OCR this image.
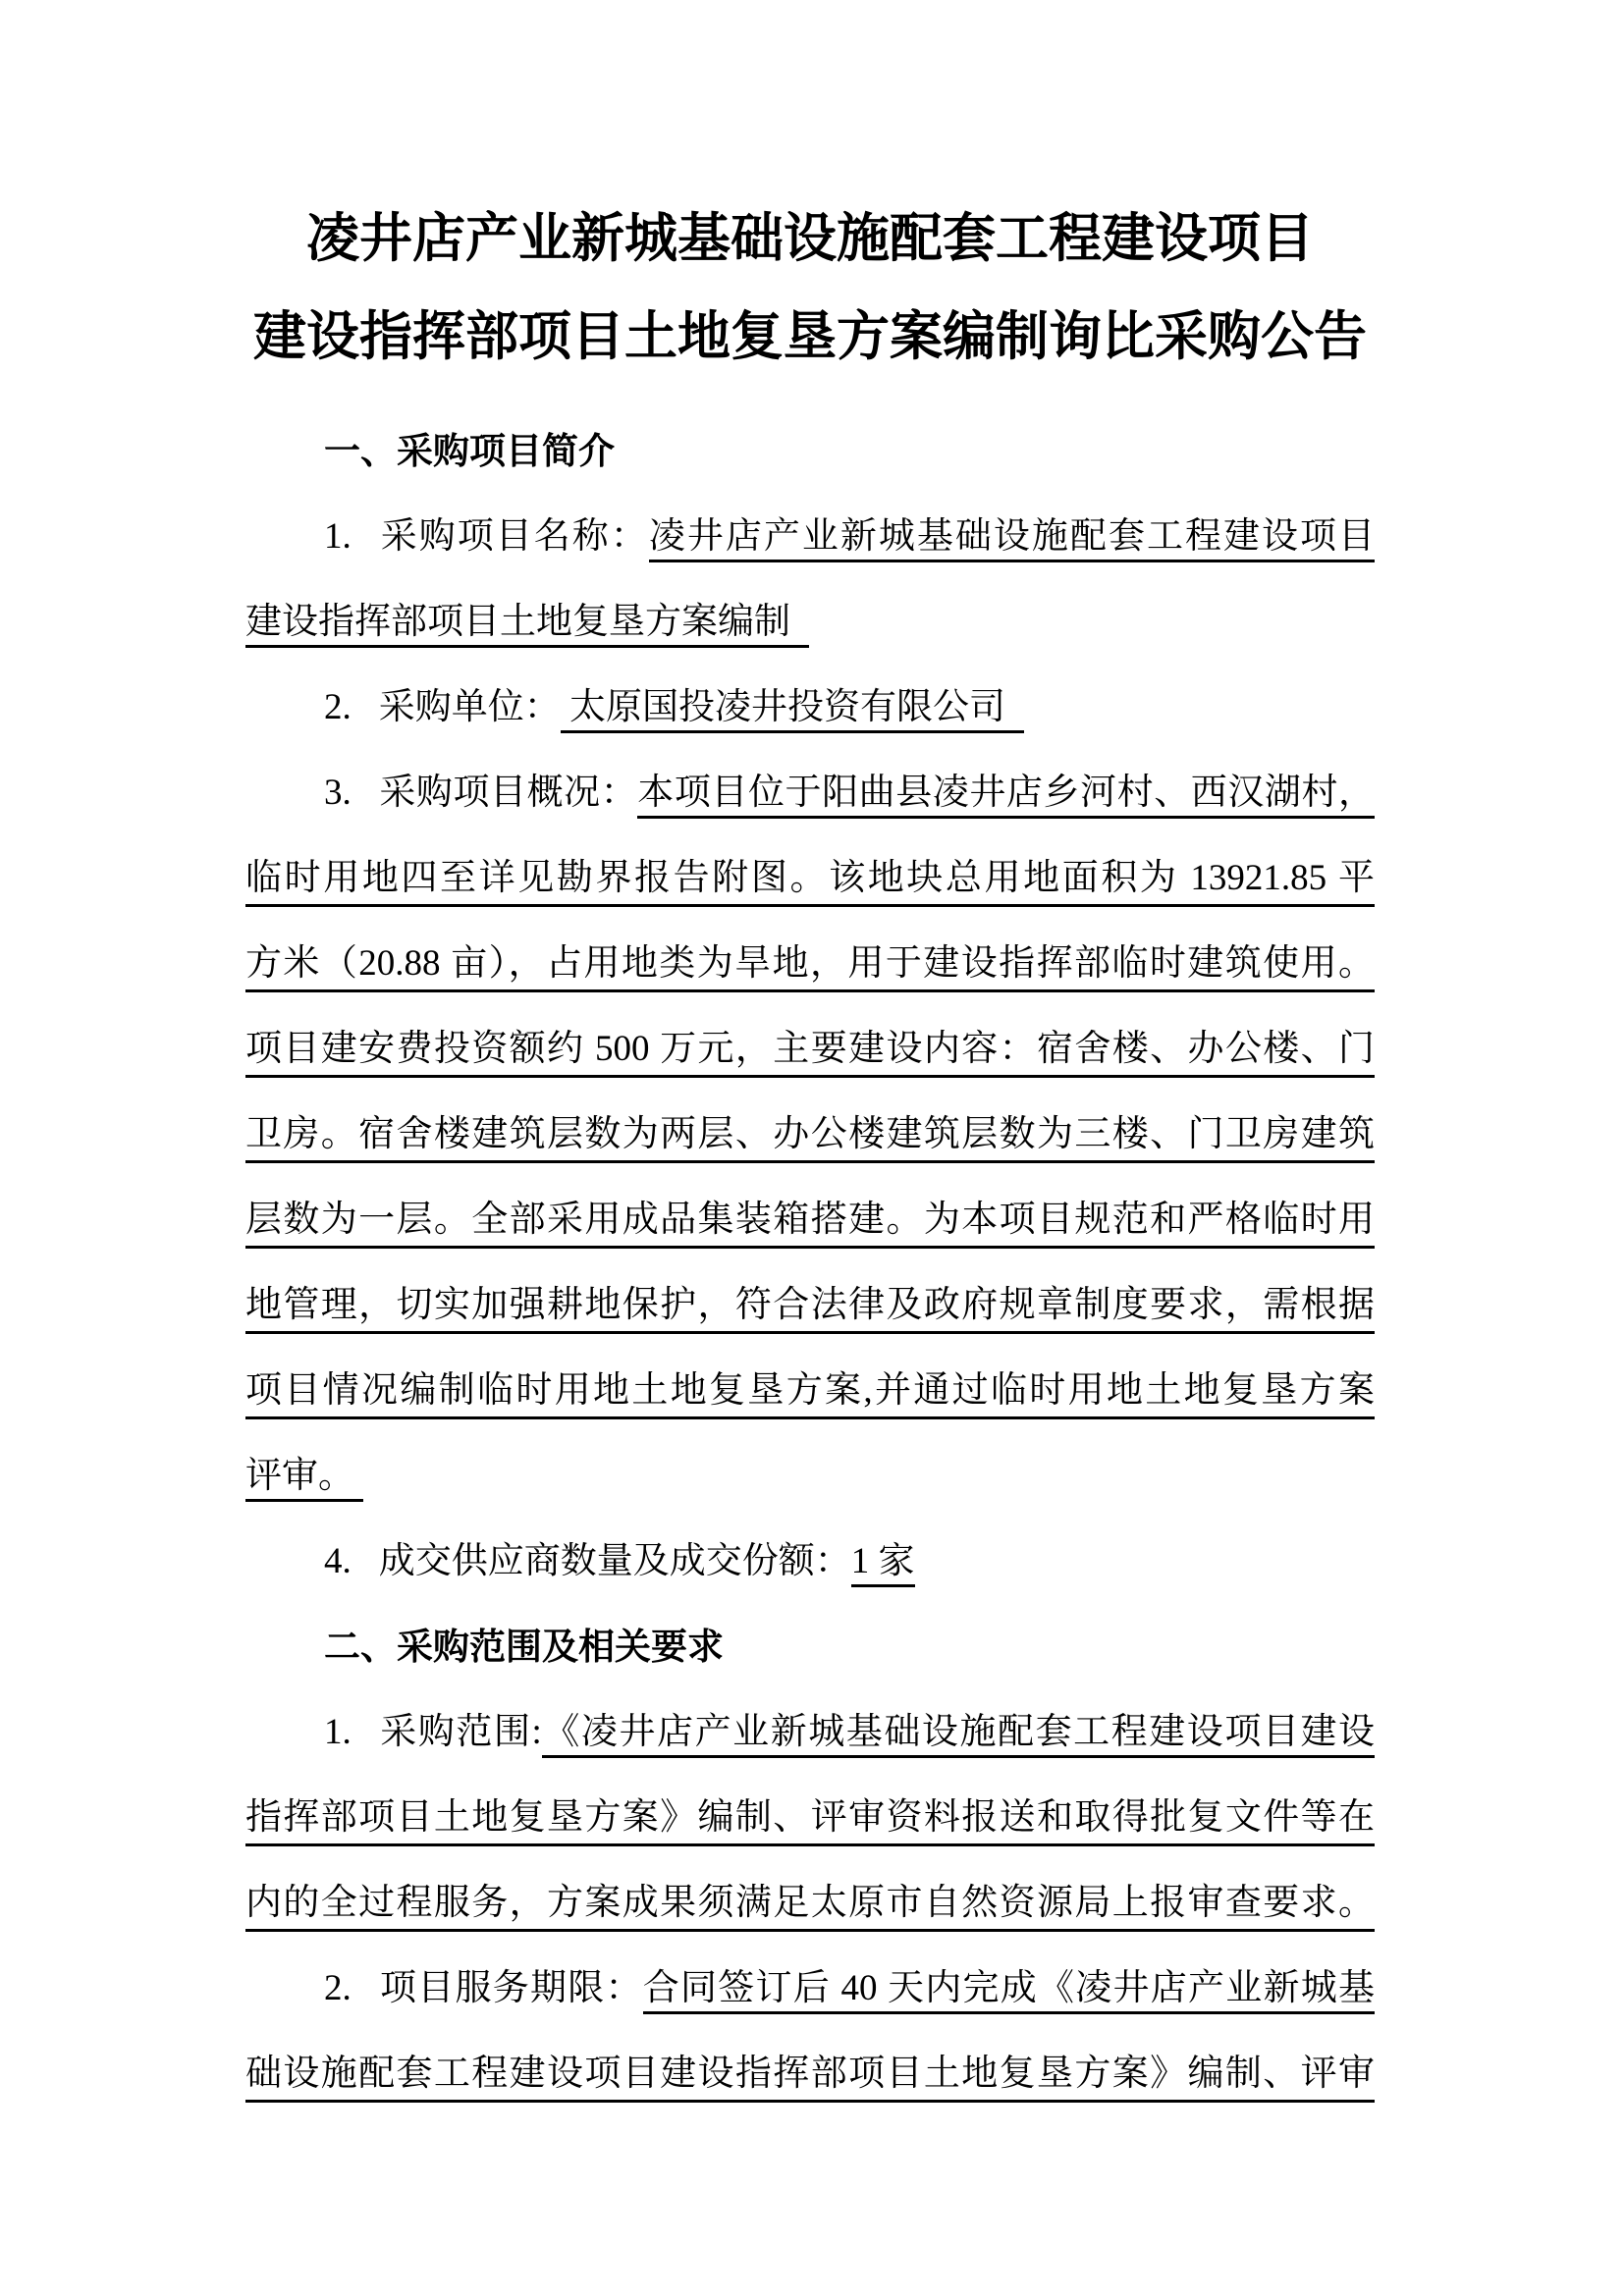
凌井店产业新城基础设施配套工程建设项目
建设指挥部项目土地复垦方案编制询比采购公告
一、采购项目简介
1. 采购项目名称：凌井店产业新城基础设施配套工程建设项目
建设指挥部项目土地复垦方案编制
2. 采购单位： 太原国投凌井投资有限公司
3. 采购项目概况：本项目位于阳曲县凌井店乡河村、西汉湖村，
临时用地四至详见勘界报告附图。该地块总用地面积为 13921.85 平
方米（20.88 亩），占用地类为旱地，用于建设指挥部临时建筑使用。
项目建安费投资额约 500 万元，主要建设内容：宿舍楼、办公楼、门
卫房。宿舍楼建筑层数为两层、办公楼建筑层数为三楼、门卫房建筑
层数为一层。全部采用成品集装箱搭建。为本项目规范和严格临时用
地管理，切实加强耕地保护，符合法律及政府规章制度要求，需根据
项目情况编制临时用地土地复垦方案,并通过临时用地土地复垦方案
评审。
4. 成交供应商数量及成交份额：1 家
二、采购范围及相关要求
1. 采购范围:《凌井店产业新城基础设施配套工程建设项目建设
指挥部项目土地复垦方案》编制、评审资料报送和取得批复文件等在
内的全过程服务，方案成果须满足太原市自然资源局上报审查要求。
2. 项目服务期限：合同签订后 40 天内完成《凌井店产业新城基
础设施配套工程建设项目建设指挥部项目土地复垦方案》编制、评审
